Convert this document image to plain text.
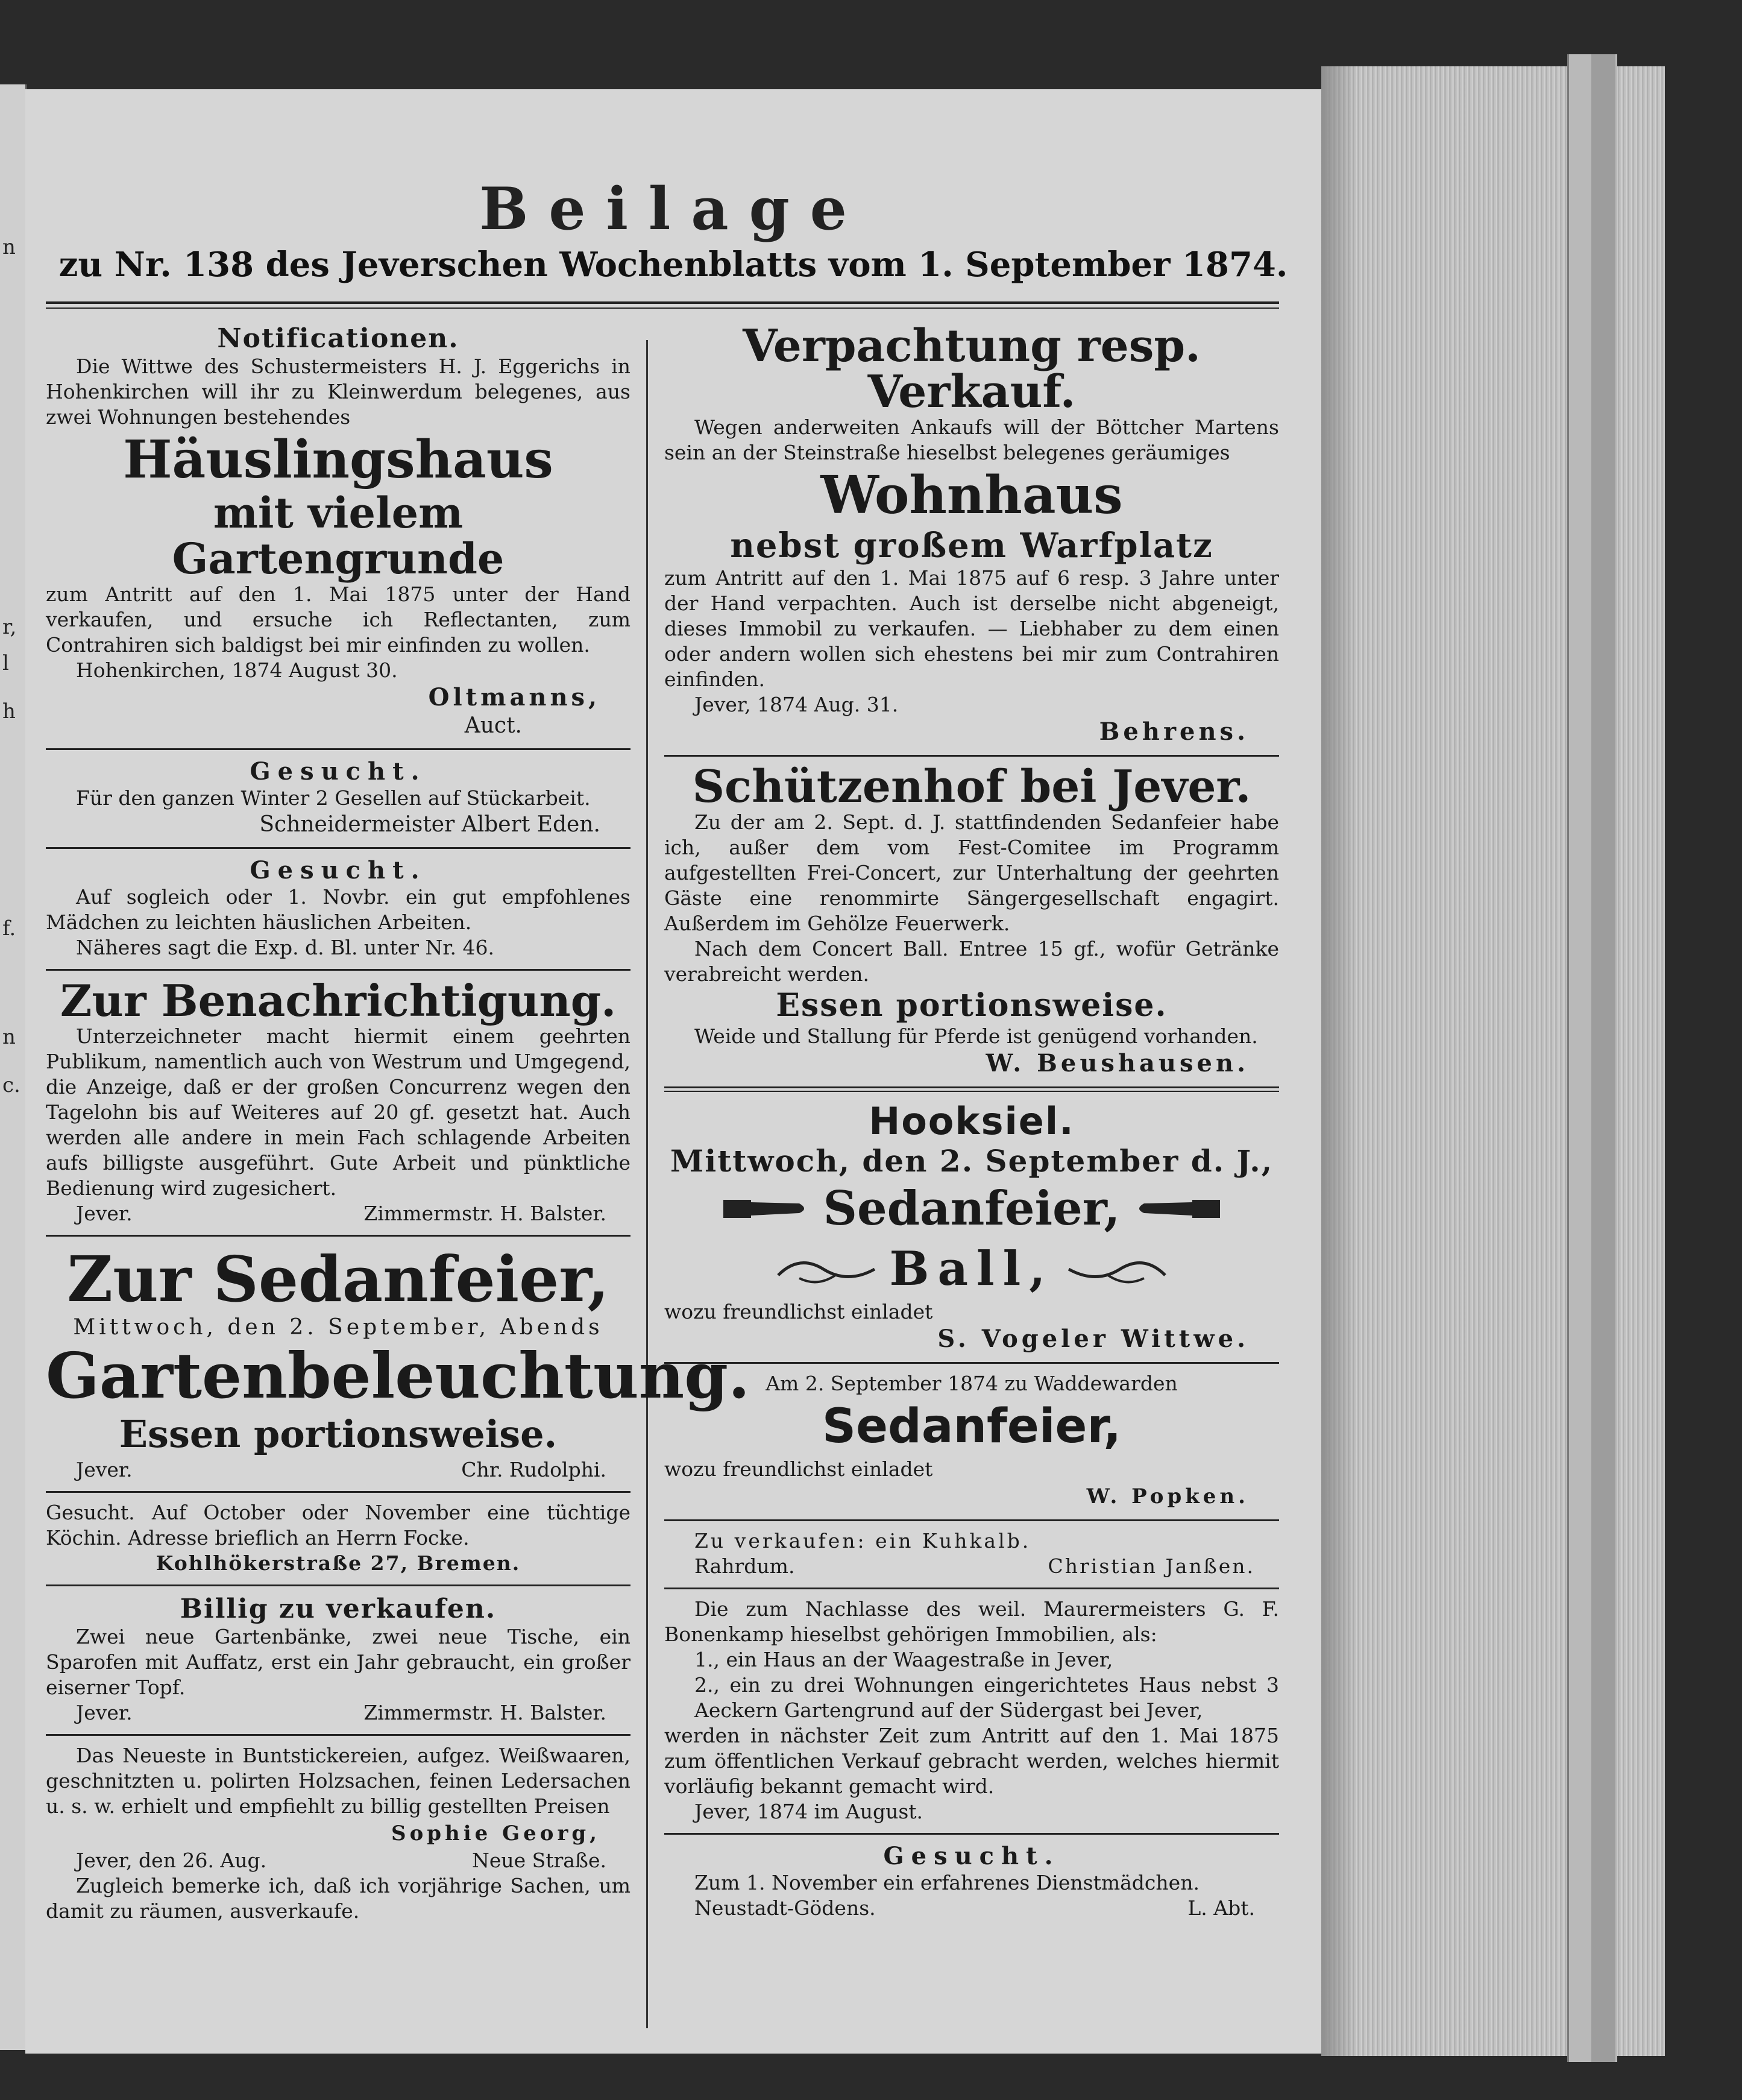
n
r,
l
h
f.
n
c.
Beilage
zu Nr. 138 des Jeverschen Wochenblatts vom 1. September 1874.
Notificationen.
Die Wittwe des Schustermeisters H. J. Eggerichs in Hohenkirchen will ihr zu Kleinwerdum belegenes, aus zwei Wohnungen bestehendes
Häuslingshaus
mit vielem Gartengrunde
zum Antritt auf den 1. Mai 1875 unter der Hand verkaufen, und ersuche ich Reflectanten, zum Contrahiren sich baldigst bei mir einfinden zu wollen.
Hohenkirchen, 1874 August 30.
Oltmanns,
Auct.
Gesucht.
Für den ganzen Winter 2 Gesellen auf Stückarbeit.
Schneidermeister Albert Eden.
Gesucht.
Auf sogleich oder 1. Novbr. ein gut empfohlenes Mädchen zu leichten häuslichen Arbeiten.
Näheres sagt die Exp. d. Bl. unter Nr. 46.
Zur Benachrichtigung.
Unterzeichneter macht hiermit einem geehrten Publikum, namentlich auch von Westrum und Umgegend, die Anzeige, daß er der großen Concurrenz wegen den Tagelohn bis auf Weiteres auf 20 gf. gesetzt hat. Auch werden alle andere in mein Fach schlagende Arbeiten aufs billigste ausgeführt. Gute Arbeit und pünktliche Bedienung wird zugesichert.
Jever.	Zimmermstr. H. Balster.
Zur Sedanfeier,
Mittwoch, den 2. September, Abends
Gartenbeleuchtung.
Essen portionsweise.
Jever.	Chr. Rudolphi.
Gesucht. Auf October oder November eine tüchtige Köchin. Adresse brieflich an Herrn Focke.
Kohlhökerstraße 27, Bremen.
Billig zu verkaufen.
Zwei neue Gartenbänke, zwei neue Tische, ein Sparofen mit Auffatz, erst ein Jahr gebraucht, ein großer eiserner Topf.
Jever.	Zimmermstr. H. Balster.
Das Neueste in Buntstickereien, aufgez. Weißwaaren, geschnitzten u. polirten Holzsachen, feinen Ledersachen u. s. w. erhielt und empfiehlt zu billig gestellten Preisen
Sophie Georg,
Jever, den 26. Aug.	Neue Straße.
Zugleich bemerke ich, daß ich vorjährige Sachen, um damit zu räumen, ausverkaufe.
Verpachtung resp. Verkauf.
Wegen anderweiten Ankaufs will der Böttcher Martens sein an der Steinstraße hieselbst belegenes geräumiges
Wohnhaus
nebst großem Warfplatz
zum Antritt auf den 1. Mai 1875 auf 6 resp. 3 Jahre unter der Hand verpachten. Auch ist derselbe nicht abgeneigt, dieses Immobil zu verkaufen. — Liebhaber zu dem einen oder andern wollen sich ehestens bei mir zum Contrahiren einfinden.
Jever, 1874 Aug. 31.
Behrens.
Schützenhof bei Jever.
Zu der am 2. Sept. d. J. stattfindenden Sedanfeier habe ich, außer dem vom Fest-Comitee im Programm aufgestellten Frei-Concert, zur Unterhaltung der geehrten Gäste eine renommirte Sängergesellschaft engagirt. Außerdem im Gehölze Feuerwerk.
Nach dem Concert Ball. Entree 15 gf., wofür Getränke verabreicht werden.
Essen portionsweise.
Weide und Stallung für Pferde ist genügend vorhanden.
W. Beushausen.
Hooksiel.
Mittwoch, den 2. September d. J.,
Sedanfeier,
Ball,
wozu freundlichst einladet
S. Vogeler Wittwe.
Am 2. September 1874 zu Waddewarden
Sedanfeier,
wozu freundlichst einladet
W. Popken.
Zu verkaufen: ein Kuhkalb.
Rahrdum.	Christian Janßen.
Die zum Nachlasse des weil. Maurermeisters G. F. Bonenkamp hieselbst gehörigen Immobilien, als:
1., ein Haus an der Waagestraße in Jever,
2., ein zu drei Wohnungen eingerichtetes Haus nebst 3 Aeckern Gartengrund auf der Südergast bei Jever,
werden in nächster Zeit zum Antritt auf den 1. Mai 1875 zum öffentlichen Verkauf gebracht werden, welches hiermit vorläufig bekannt gemacht wird.
Jever, 1874 im August.
Gesucht.
Zum 1. November ein erfahrenes Dienstmädchen.
Neustadt-Gödens.	L. Abt.
